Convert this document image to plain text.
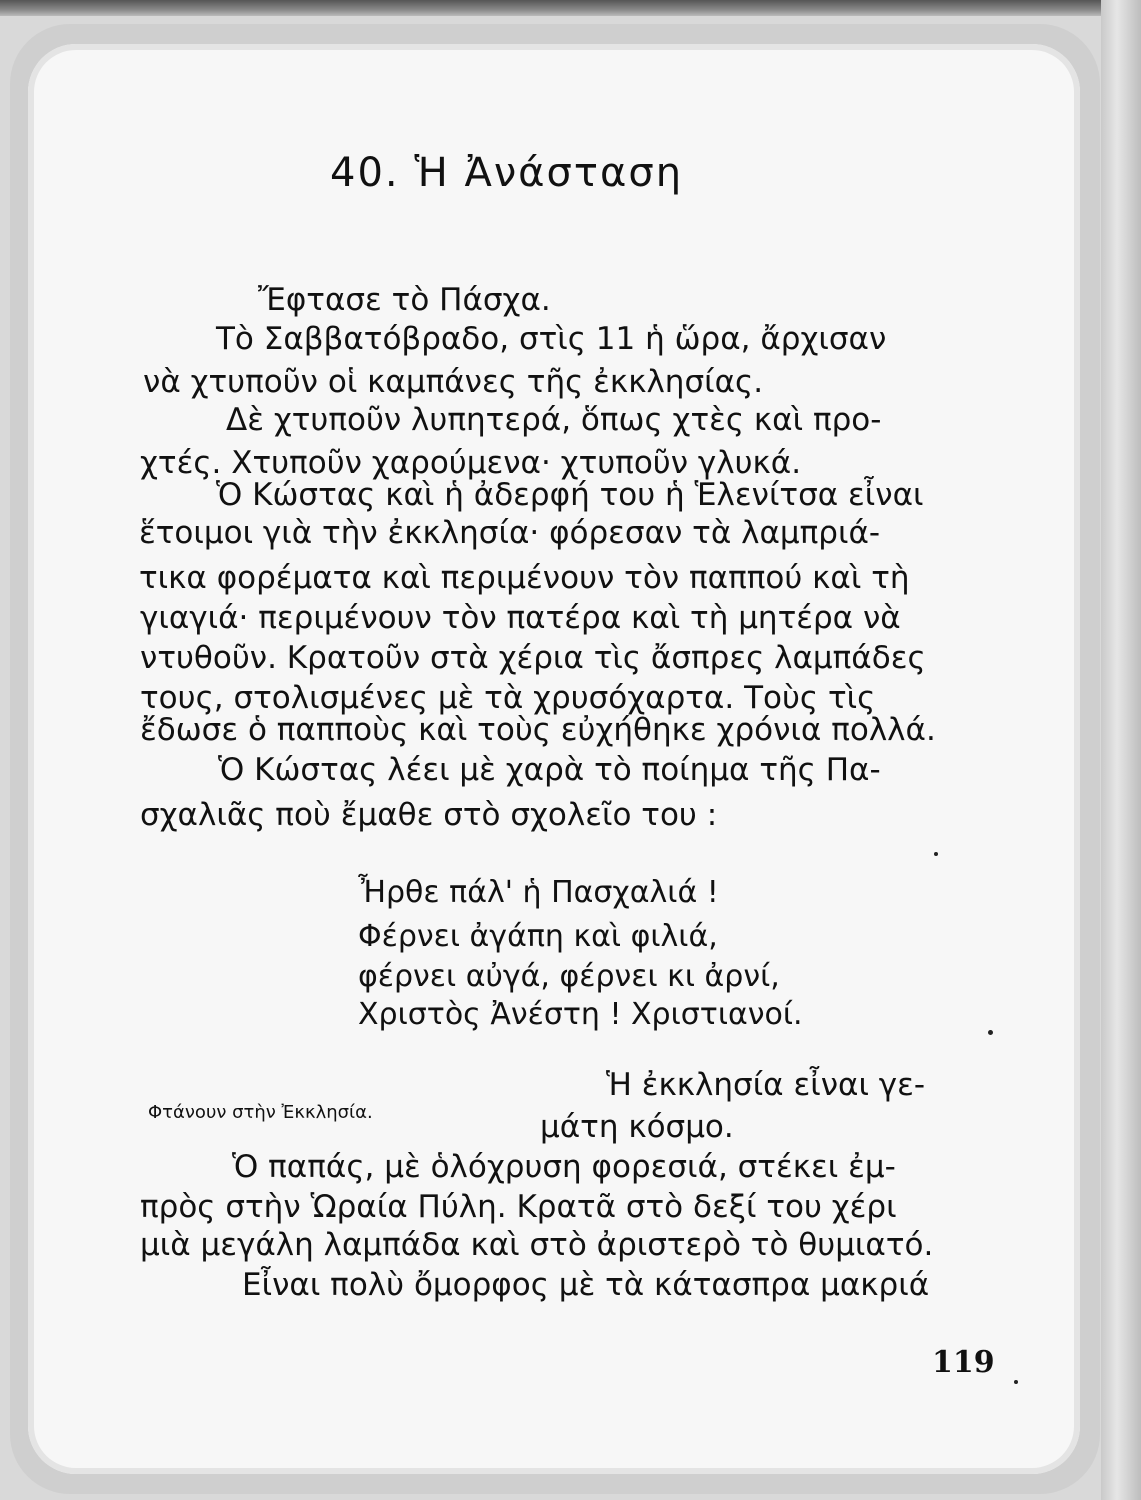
40. Ἡ Ἀνάσταση
Ἔφτασε τὸ Πάσχα.
Τὸ Σαββατόβραδο, στὶς 11 ἡ ὥρα, ἄρχισαν
νὰ χτυποῦν οἱ καμπάνες τῆς ἐκκλησίας.
Δὲ χτυποῦν λυπητερά, ὅπως χτὲς καὶ προ-
χτές. Χτυποῦν χαρούμενα· χτυποῦν γλυκά.
Ὁ Κώστας καὶ ἡ ἀδερφή του ἡ Ἑλενίτσα εἶναι
ἕτοιμοι γιὰ τὴν ἐκκλησία· φόρεσαν τὰ λαμπριά-
τικα φορέματα καὶ περιμένουν τὸν παππού καὶ τὴ
γιαγιά· περιμένουν τὸν πατέρα καὶ τὴ μητέρα νὰ
ντυθοῦν. Κρατοῦν στὰ χέρια τὶς ἄσπρες λαμπάδες
τους, στολισμένες μὲ τὰ χρυσόχαρτα. Τοὺς τὶς
ἔδωσε ὁ παπποὺς καὶ τοὺς εὐχήθηκε χρόνια πολλά.
Ὁ Κώστας λέει μὲ χαρὰ τὸ ποίημα τῆς Πα-
σχαλιᾶς ποὺ ἔμαθε στὸ σχολεῖο του :
Ἦρθε πάλ' ἡ Πασχαλιά !
Φέρνει ἀγάπη καὶ φιλιά,
φέρνει αὐγά, φέρνει κι ἀρνί,
Χριστὸς Ἀνέστη ! Χριστιανοί.
Φτάνουν στὴν Ἐκκλησία.
Ἡ ἐκκλησία εἶναι γε-
μάτη κόσμο.
Ὁ παπάς, μὲ ὁλόχρυση φορεσιά, στέκει ἐμ-
πρὸς στὴν Ὡραία Πύλη. Κρατᾶ στὸ δεξί του χέρι
μιὰ μεγάλη λαμπάδα καὶ στὸ ἀριστερὸ τὸ θυμιατό.
Εἶναι πολὺ ὄμορφος μὲ τὰ κάτασπρα μακριά
119
